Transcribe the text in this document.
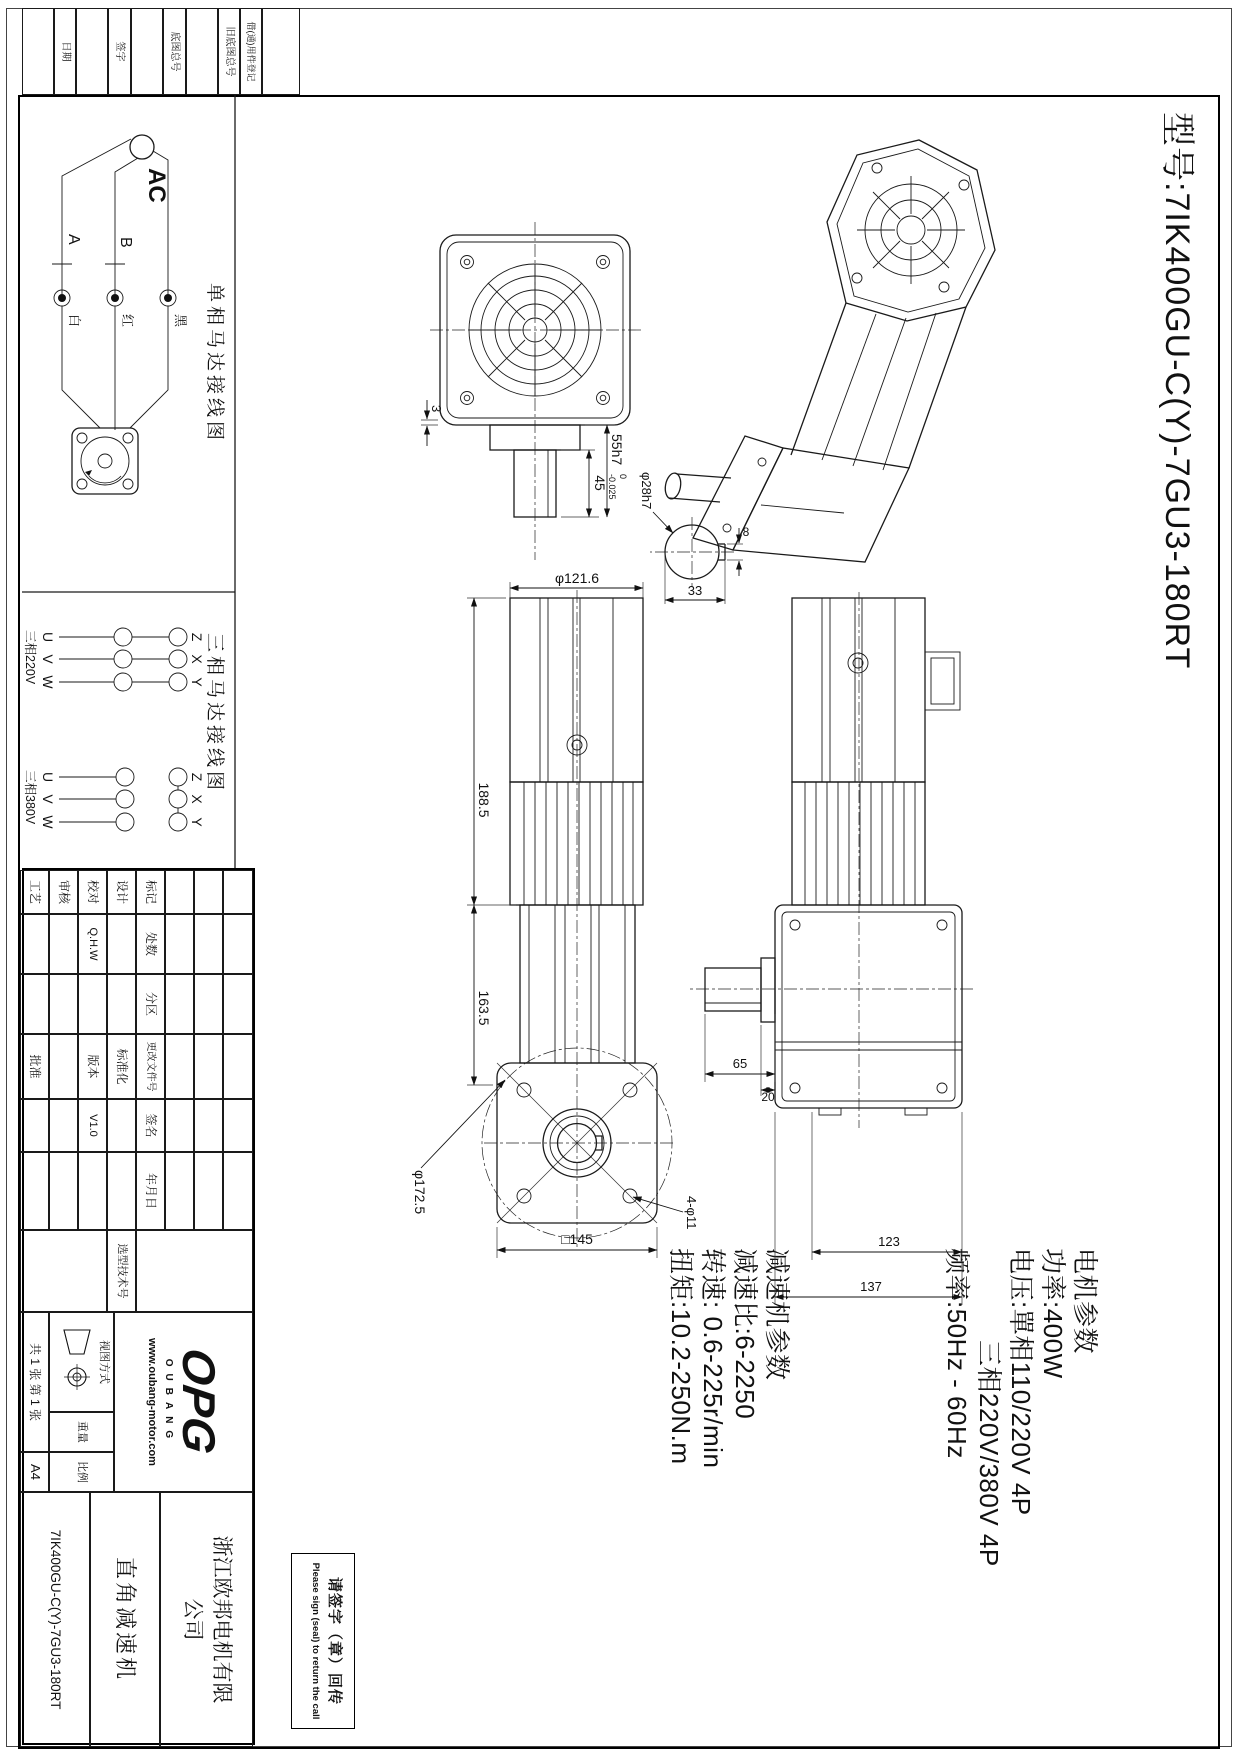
型号:7IK400GU-C(Y)-7GU3-180RT
借(通)用件登记
旧底图总号
底图总号
签字
日期
电机参数
功率:400W
电压:單相110/220V 4P
三相220V/380V 4P
频率:50Hz - 60Hz
减速机参数
减速比:6-2250
转速: 0.6-225r/min
扭矩:10.2-250N.m
请签字（章）回传
Please sign (seal) to return the call
45
55h7
0
-0.025
3
8
33
φ28h7
φ121.6
188.5
163.5
□145
φ172.5	4-φ11
65
20
123
137
单相马达接线图
AC
B
A
黑
红
白
三相马达接线图
U
V
W
Z
X
Y
三相220V
U
V
W
Z
X
Y
三相380V
标记
处数
分区
更改文件号
签名
年月日
设计
标准化
校对
Q.H.W
版本
V1.0
审核
工艺
批准
选型技术号
OPG
OUBANG
www.oubang-motor.com
视图方式
重量
比例
共 1 张 第 1 张
A4
浙江欧邦电机有限公司
直角减速机
7IK400GU-C(Y)-7GU3-180RT
